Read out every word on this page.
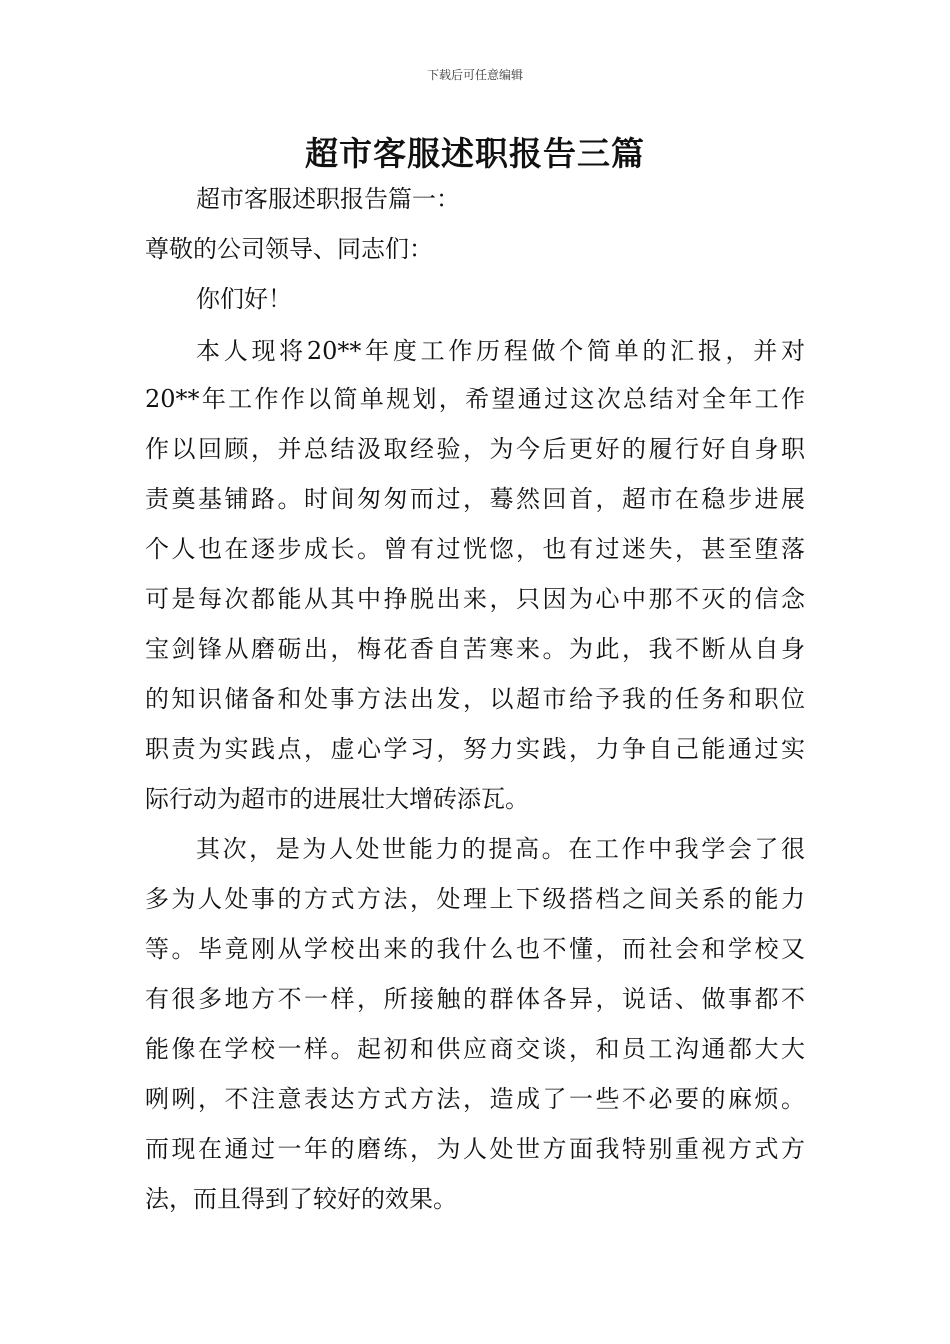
下载后可任意编辑
超市客服述职报告三篇
超市客服述职报告篇一：
尊敬的公司领导、同志们：
你们好！
本人现将20**年度工作历程做个简单的汇报，并对
20**年工作作以简单规划，希望通过这次总结对全年工作
作以回顾，并总结汲取经验，为今后更好的履行好自身职
责奠基铺路。时间匆匆而过，蓦然回首，超市在稳步进展
个人也在逐步成长。曾有过恍惚，也有过迷失，甚至堕落
可是每次都能从其中挣脱出来，只因为心中那不灭的信念
宝剑锋从磨砺出，梅花香自苦寒来。为此，我不断从自身
的知识储备和处事方法出发，以超市给予我的任务和职位
职责为实践点，虚心学习，努力实践，力争自己能通过实
际行动为超市的进展壮大增砖添瓦。
其次，是为人处世能力的提高。在工作中我学会了很
多为人处事的方式方法，处理上下级搭档之间关系的能力
等。毕竟刚从学校出来的我什么也不懂，而社会和学校又
有很多地方不一样，所接触的群体各异，说话、做事都不
能像在学校一样。起初和供应商交谈，和员工沟通都大大
咧咧，不注意表达方式方法，造成了一些不必要的麻烦。
而现在通过一年的磨练，为人处世方面我特别重视方式方
法，而且得到了较好的效果。
